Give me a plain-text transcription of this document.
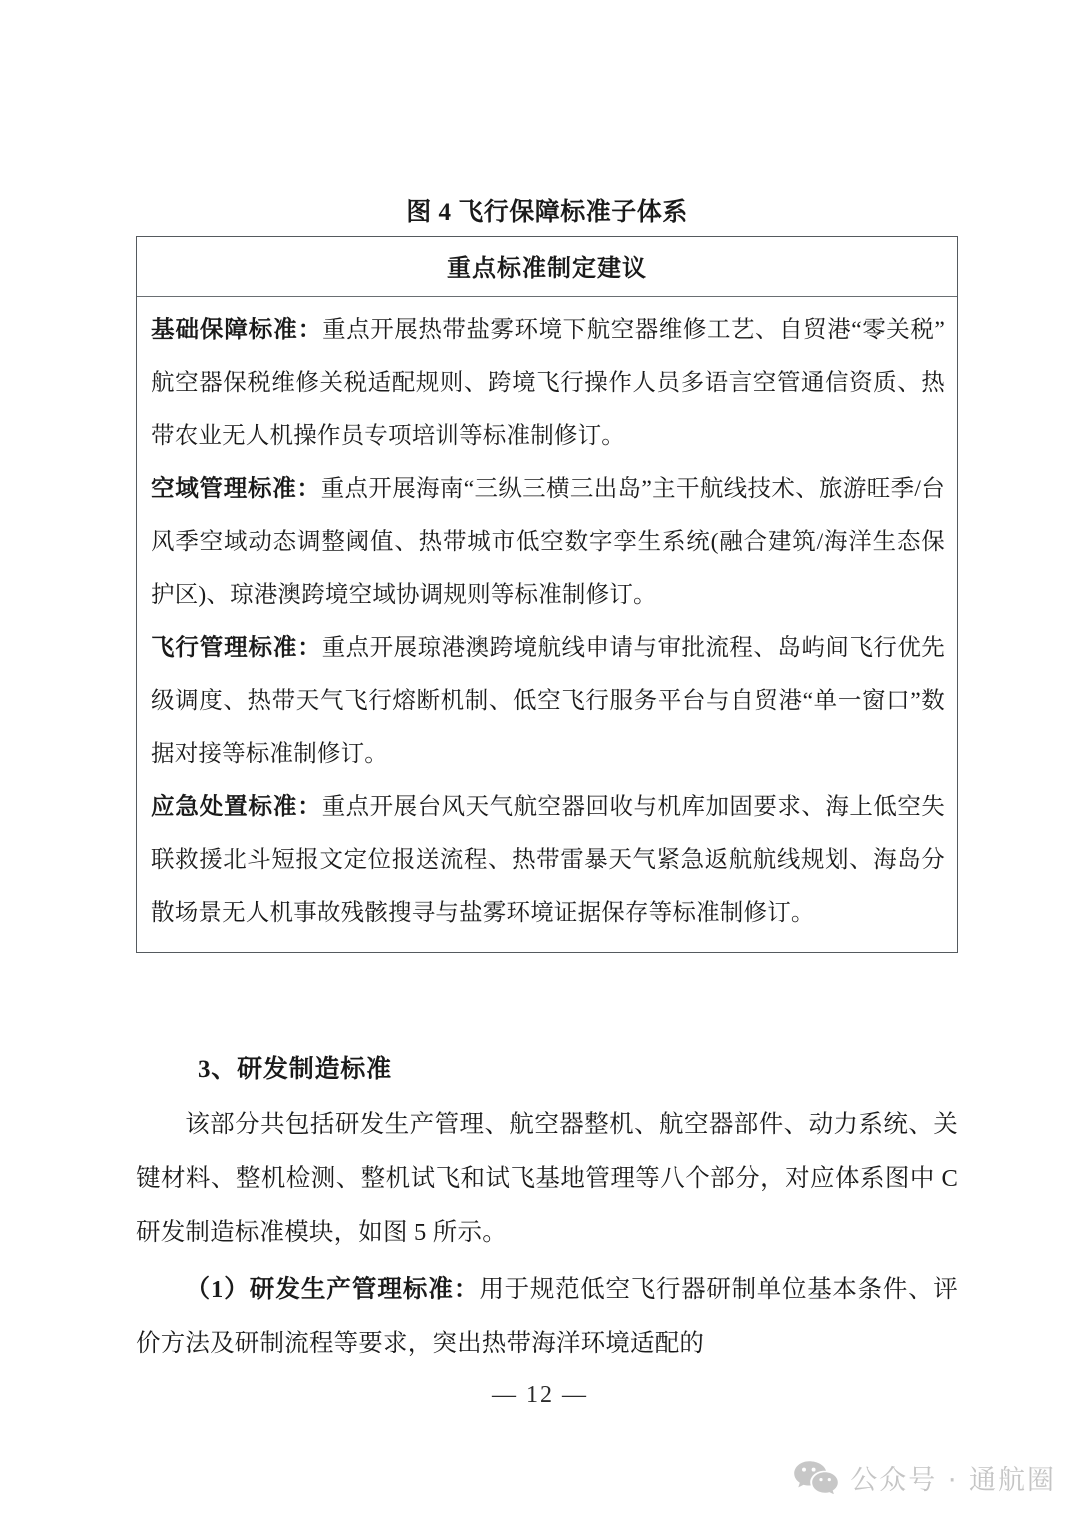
图 4 飞行保障标准子体系
重点标准制定建议

基础保障标准：重点开展热带盐雾环境下航空器维修工艺、自贸港“零关税”航空器保税维修关税适配规则、跨境飞行操作人员多语言空管通信资质、热带农业无人机操作员专项培训等标准制修订。

空域管理标准：重点开展海南“三纵三横三出岛”主干航线技术、旅游旺季/台风季空域动态调整阈值、热带城市低空数字孪生系统(融合建筑/海洋生态保护区)、琼港澳跨境空域协调规则等标准制修订。

飞行管理标准：重点开展琼港澳跨境航线申请与审批流程、岛屿间飞行优先级调度、热带天气飞行熔断机制、低空飞行服务平台与自贸港“单一窗口”数据对接等标准制修订。

应急处置标准：重点开展台风天气航空器回收与机库加固要求、海上低空失联救援北斗短报文定位报送流程、热带雷暴天气紧急返航航线规划、海岛分散场景无人机事故残骸搜寻与盐雾环境证据保存等标准制修订。

3、研发制造标准
该部分共包括研发生产管理、航空器整机、航空器部件、动力系统、关键材料、整机检测、整机试飞和试飞基地管理等八个部分，对应体系图中 C 研发制造标准模块，如图 5 所示。
（1）研发生产管理标准：用于规范低空飞行器研制单位基本条件、评价方法及研制流程等要求，突出热带海洋环境适配的
— 12 —
公众号 · 通航圈
